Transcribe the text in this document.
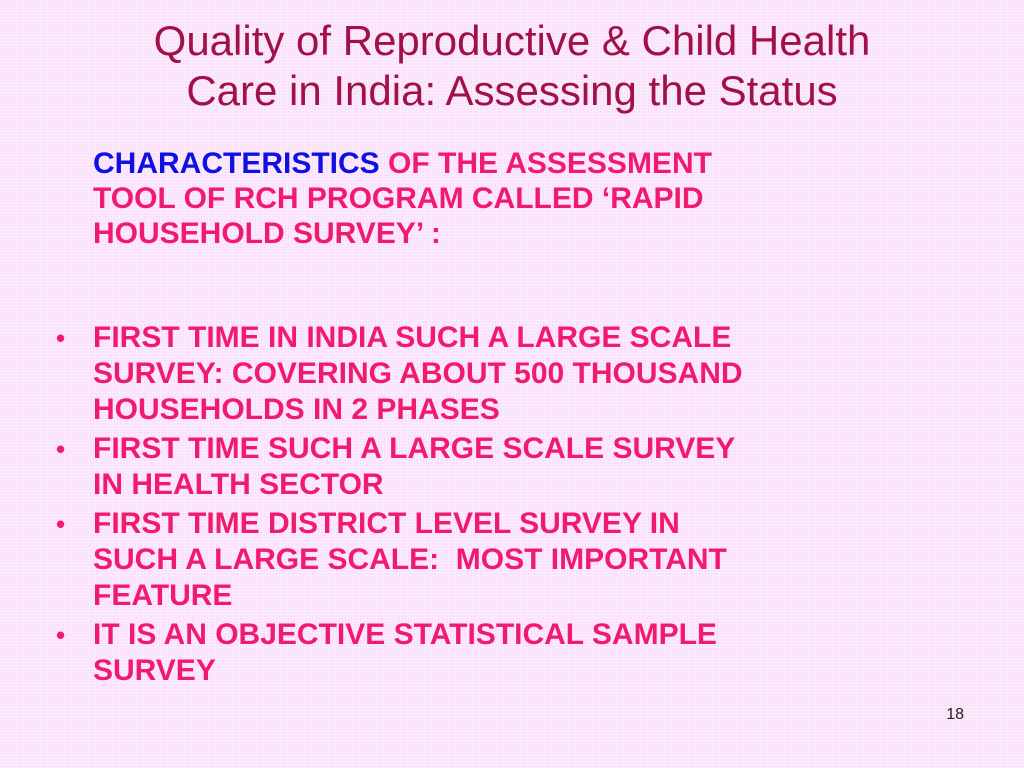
Quality of Reproductive & Child Health
Care in India: Assessing the Status

CHARACTERISTICS OF THE ASSESSMENT
TOOL OF RCH PROGRAM CALLED ‘RAPID
HOUSEHOLD SURVEY’ :

• FIRST TIME IN INDIA SUCH A LARGE SCALE
SURVEY: COVERING ABOUT 500 THOUSAND
HOUSEHOLDS IN 2 PHASES
• FIRST TIME SUCH A LARGE SCALE SURVEY
IN HEALTH SECTOR
• FIRST TIME DISTRICT LEVEL SURVEY IN
SUCH A LARGE SCALE:  MOST IMPORTANT
FEATURE
• IT IS AN OBJECTIVE STATISTICAL SAMPLE
SURVEY
18
